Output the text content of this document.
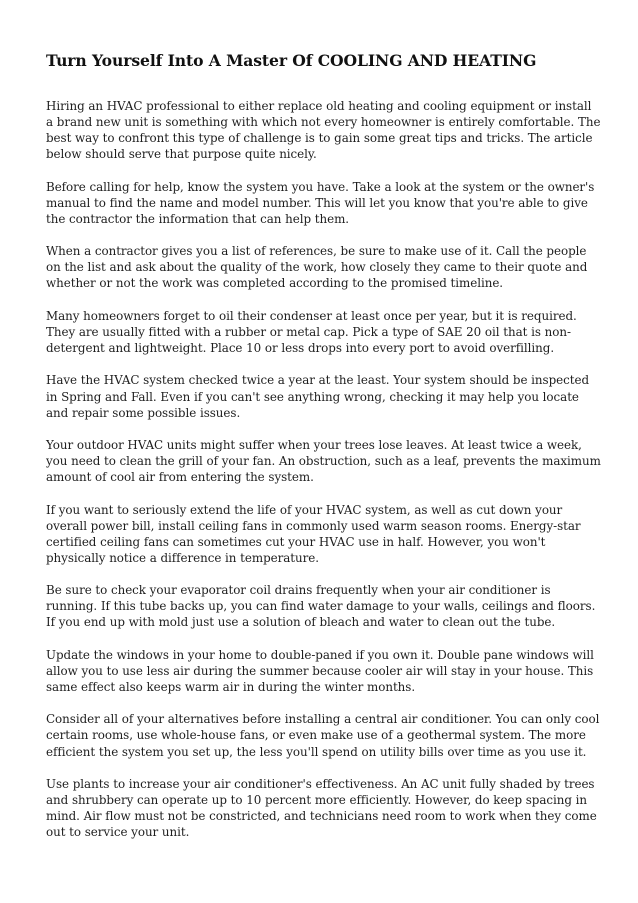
Turn Yourself Into A Master Of COOLING AND HEATING

Hiring an HVAC professional to either replace old heating and cooling equipment or install a brand new unit is something with which not every homeowner is entirely comfortable. The best way to confront this type of challenge is to gain some great tips and tricks. The article below should serve that purpose quite nicely.

Before calling for help, know the system you have. Take a look at the system or the owner's manual to find the name and model number. This will let you know that you're able to give the contractor the information that can help them.

When a contractor gives you a list of references, be sure to make use of it. Call the people on the list and ask about the quality of the work, how closely they came to their quote and whether or not the work was completed according to the promised timeline.

Many homeowners forget to oil their condenser at least once per year, but it is required. They are usually fitted with a rubber or metal cap. Pick a type of SAE 20 oil that is non-detergent and lightweight. Place 10 or less drops into every port to avoid overfilling.

Have the HVAC system checked twice a year at the least. Your system should be inspected in Spring and Fall. Even if you can't see anything wrong, checking it may help you locate and repair some possible issues.

Your outdoor HVAC units might suffer when your trees lose leaves. At least twice a week, you need to clean the grill of your fan. An obstruction, such as a leaf, prevents the maximum amount of cool air from entering the system.

If you want to seriously extend the life of your HVAC system, as well as cut down your overall power bill, install ceiling fans in commonly used warm season rooms. Energy-star certified ceiling fans can sometimes cut your HVAC use in half. However, you won't physically notice a difference in temperature.

Be sure to check your evaporator coil drains frequently when your air conditioner is running. If this tube backs up, you can find water damage to your walls, ceilings and floors. If you end up with mold just use a solution of bleach and water to clean out the tube.

Update the windows in your home to double-paned if you own it. Double pane windows will allow you to use less air during the summer because cooler air will stay in your house. This same effect also keeps warm air in during the winter months.

Consider all of your alternatives before installing a central air conditioner. You can only cool certain rooms, use whole-house fans, or even make use of a geothermal system. The more efficient the system you set up, the less you'll spend on utility bills over time as you use it.

Use plants to increase your air conditioner's effectiveness. An AC unit fully shaded by trees and shrubbery can operate up to 10 percent more efficiently. However, do keep spacing in mind. Air flow must not be constricted, and technicians need room to work when they come out to service your unit.
